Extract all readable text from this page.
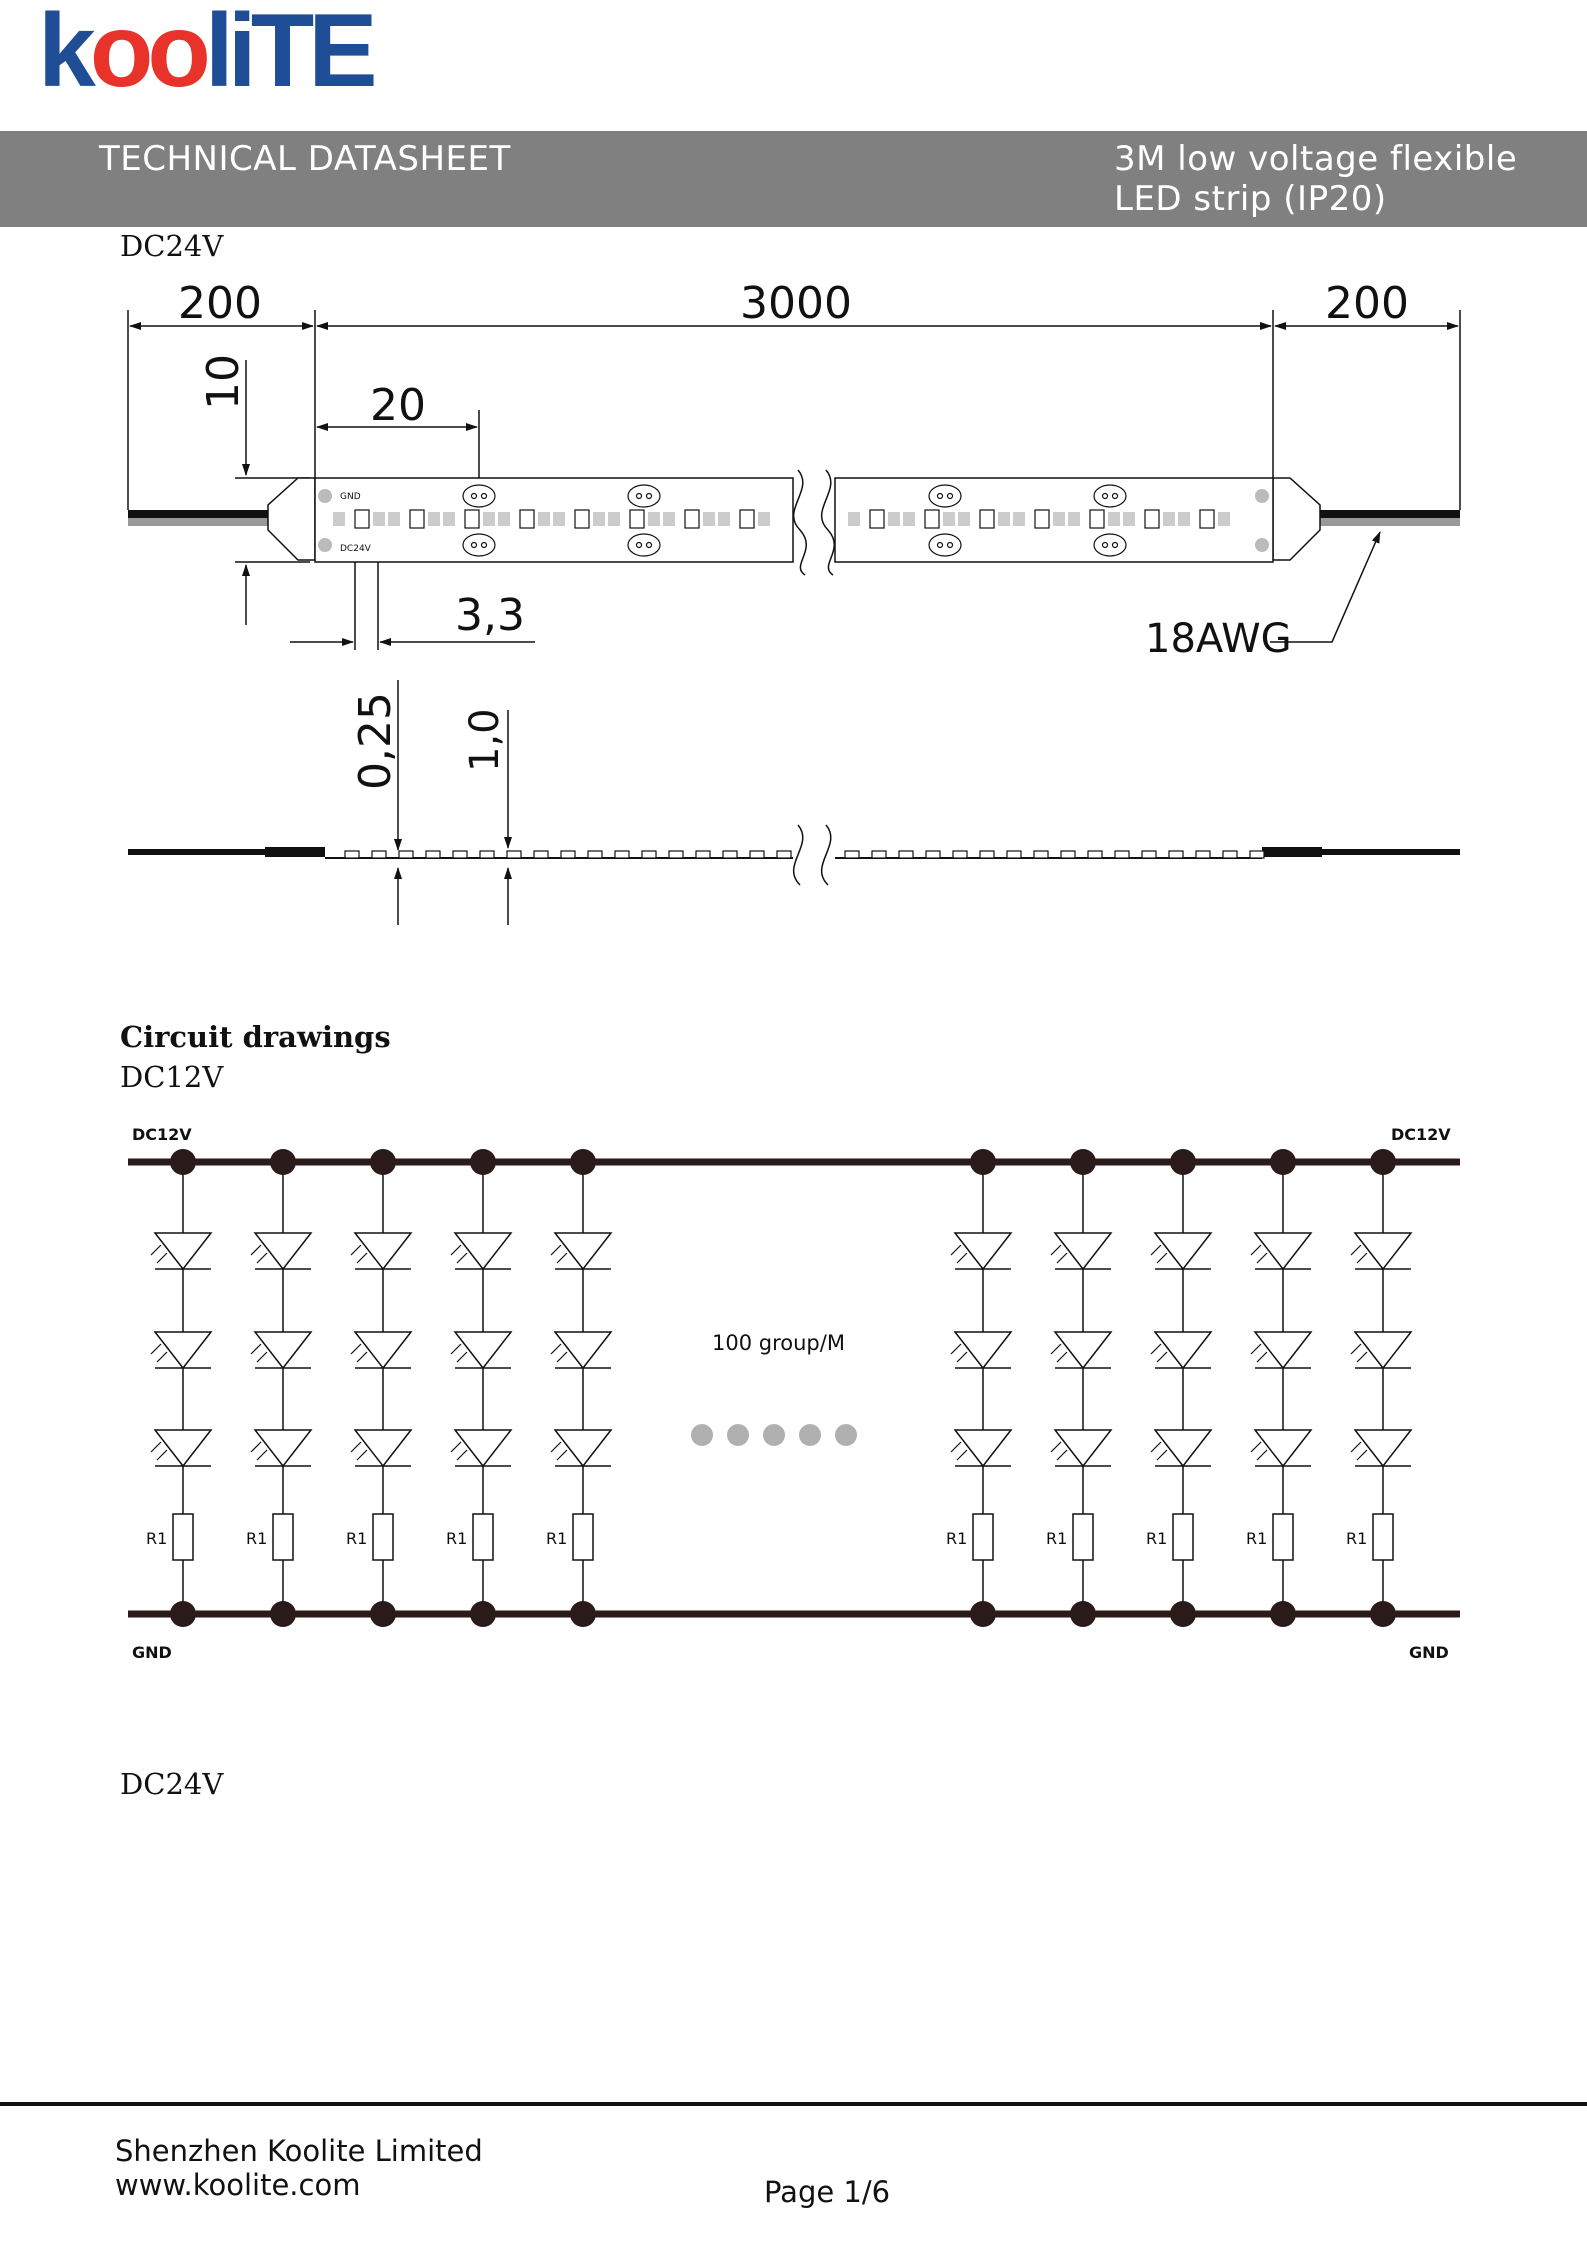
kooliTE
TECHNICAL DATASHEET	3M low voltage flexible
LED strip (IP20)
DC24V
200	3000	200
20
10
3,3
0,25 1,0
18AWG
GND
DC24V
Circuit drawings
DC12V
DC12V	DC12V
GND	GND
R1	R1	R1	R1	R1	R1	R1	R1	R1	R1
100 group/M
DC24V
Shenzhen Koolite Limited
www.koolite.com	Page 1/6
